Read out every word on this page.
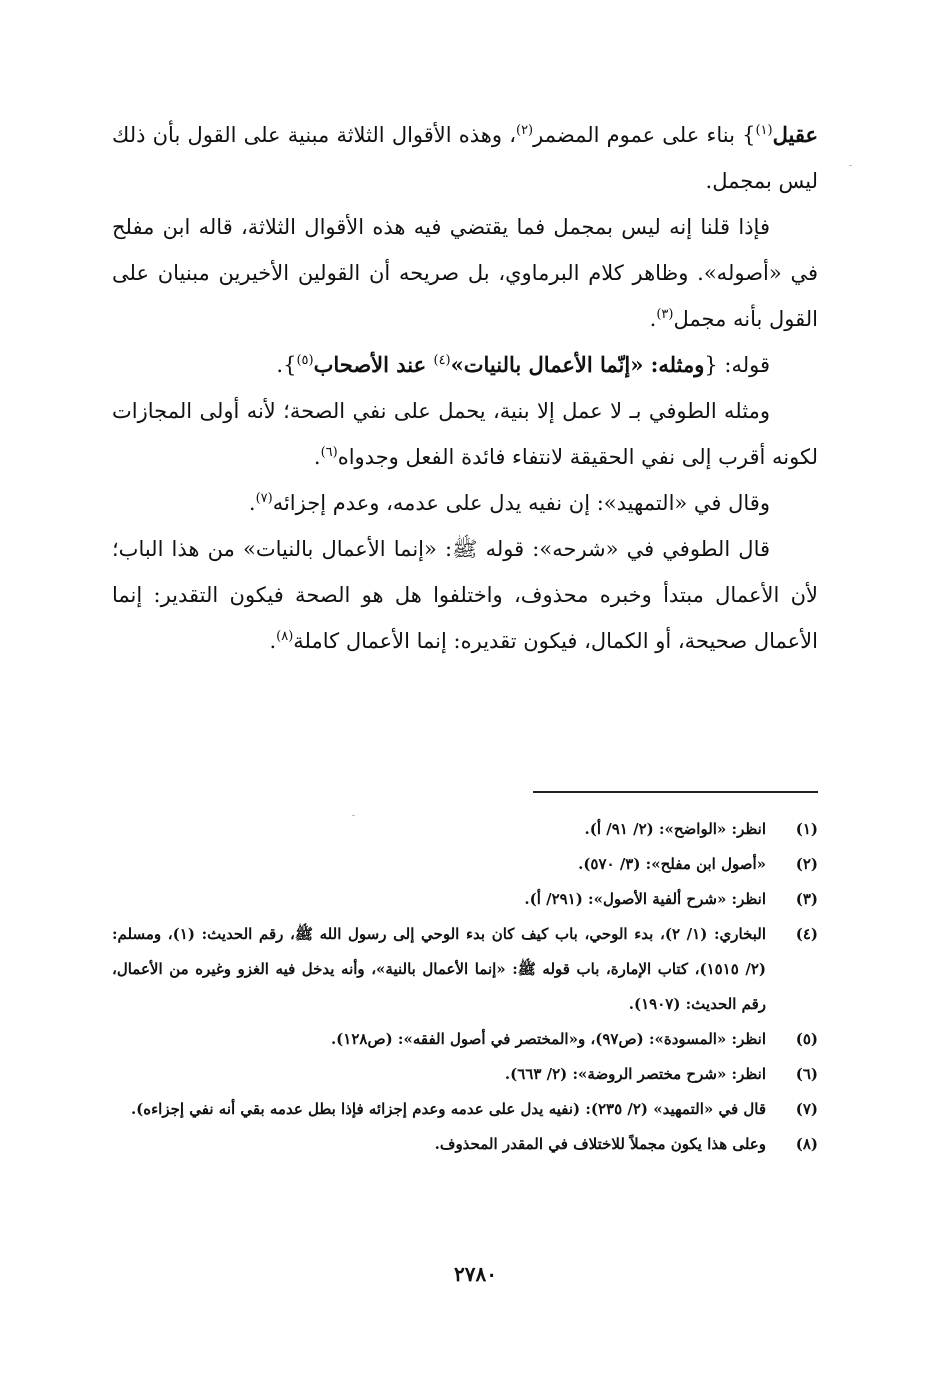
عقيل$^{(١)}$} بناء على عموم المضمر$^{(٢)}$، وهذه الأقوال الثلاثة مبنية على القول بأن ذلك ليس بمجمل.

فإذا قلنا إنه ليس بمجمل فما يقتضي فيه هذه الأقوال الثلاثة، قاله ابن مفلح في «أصوله». وظاهر كلام البرماوي، بل صريحه أن القولين الأخيرين مبنيان على القول بأنه مجمل$^{(٣)}$.

قوله: {ومثله: «إنّما الأعمال بالنيات»$^{(٤)}$ عند الأصحاب$^{(٥)}$}.

ومثله الطوفي بـ لا عمل إلا بنية، يحمل على نفي الصحة؛ لأنه أولى المجازات لكونه أقرب إلى نفي الحقيقة لانتفاء فائدة الفعل وجدواه$^{(٦)}$.

وقال في «التمهيد»: إن نفيه يدل على عدمه، وعدم إجزائه$^{(٧)}$.

قال الطوفي في «شرحه»: قوله ﷺ: «إنما الأعمال بالنيات» من هذا الباب؛ لأن الأعمال مبتدأ وخبره محذوف، واختلفوا هل هو الصحة فيكون التقدير: إنما الأعمال صحيحة، أو الكمال، فيكون تقديره: إنما الأعمال كاملة$^{(٨)}$.

(١)
انظر: «الواضح»: (٢/ ٩١/ أ).
(٢)
«أصول ابن مفلح»: (٣/ ٥٧٠).
(٣)
انظر: «شرح ألفية الأصول»: (٢٩١/ أ).
(٤)
البخاري: (١/ ٢)، بدء الوحي، باب كيف كان بدء الوحي إلى رسول الله ﷺ، رقم الحديث: (١)، ومسلم: (٢/ ١٥١٥)، كتاب الإمارة، باب قوله ﷺ: «إنما الأعمال بالنية»، وأنه يدخل فيه الغزو وغيره من الأعمال، رقم الحديث: (١٩٠٧).
(٥)
انظر: «المسودة»: (ص٩٧)، و«المختصر في أصول الفقه»: (ص١٢٨).
(٦)
انظر: «شرح مختصر الروضة»: (٢/ ٦٦٣).
(٧)
قال في «التمهيد» (٢/ ٢٣٥): (نفيه يدل على عدمه وعدم إجزائه فإذا بطل عدمه بقي أنه نفي إجزاءه).
(٨)
وعلى هذا يكون مجملاً للاختلاف في المقدر المحذوف.
٢٧٨٠
